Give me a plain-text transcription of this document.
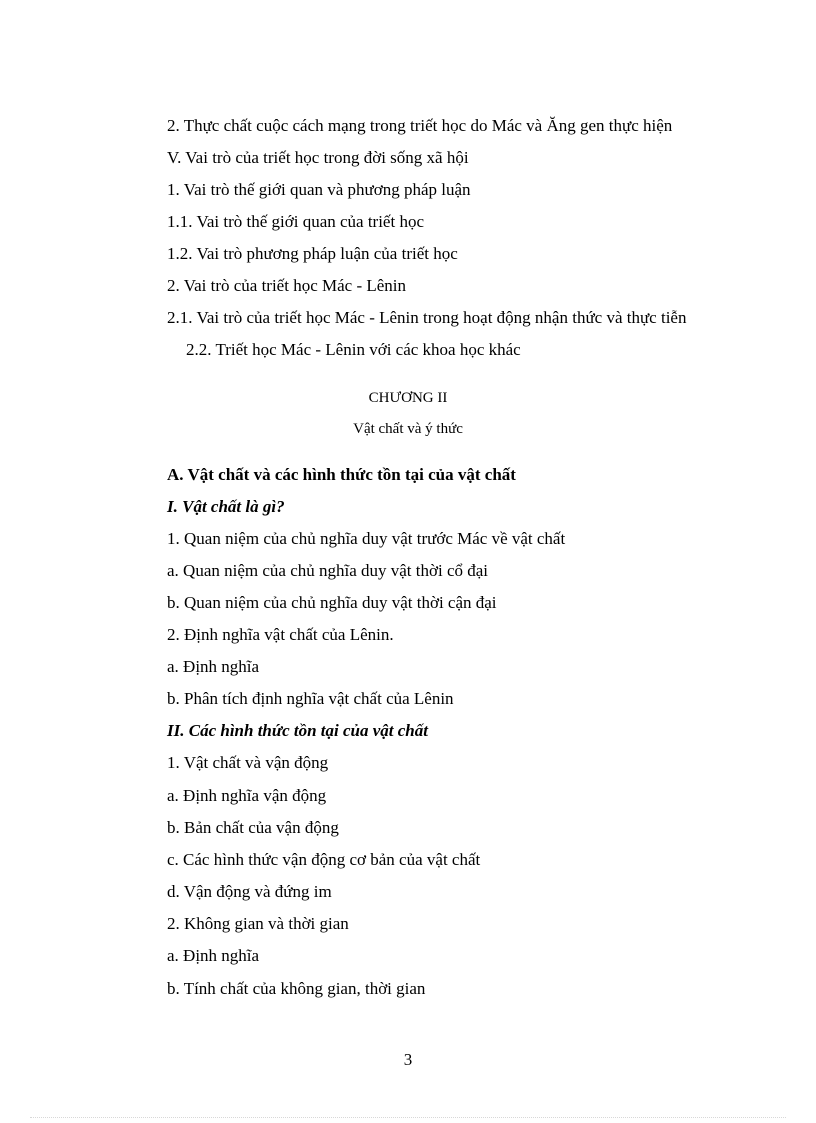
2. Thực chất cuộc cách mạng trong triết học do Mác và Ăng gen thực hiện
V. Vai trò của triết học trong đời sống xã hội
1. Vai trò thế giới quan và phương pháp luận
1.1. Vai trò thế giới quan của triết học
1.2. Vai trò phương pháp luận của triết học
2. Vai trò của triết học Mác - Lênin
2.1. Vai trò của triết học Mác - Lênin trong hoạt động nhận thức và thực tiễn
2.2. Triết học Mác - Lênin với các khoa học khác
CHƯƠNG II
Vật chất và ý thức
A. Vật chất và các hình thức tồn tại của vật chất
I. Vật chất là gì?
1. Quan niệm của chủ nghĩa duy vật trước Mác về vật chất
a. Quan niệm của chủ nghĩa duy vật thời cổ đại
b. Quan niệm của chủ nghĩa duy vật thời cận đại
2. Định nghĩa vật chất của Lênin.
a. Định nghĩa
b. Phân tích định nghĩa vật chất của Lênin
II. Các hình thức tồn tại của vật chất
1. Vật chất và vận động
a. Định nghĩa vận động
b. Bản chất của vận động
c. Các hình thức vận động cơ bản của vật chất
d. Vận động và đứng im
2. Không gian và thời gian
a. Định nghĩa
b. Tính chất của không gian, thời gian
3
